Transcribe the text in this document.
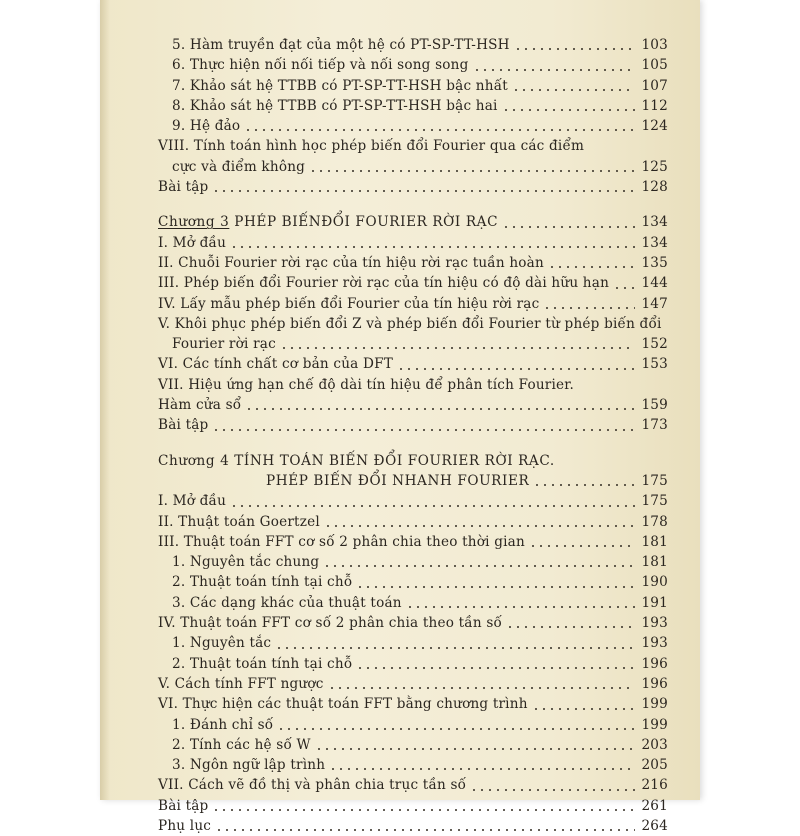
5. Hàm truyền đạt của một hệ có PT-SP-TT-HSH	103
6. Thực hiện nối nối tiếp và nối song song	105
7. Khảo sát hệ TTBB có PT-SP-TT-HSH bậc nhất	107
8. Khảo sát hệ TTBB có PT-SP-TT-HSH bậc hai	112
9. Hệ đảo	124
VIII. Tính toán hình học phép biến đổi Fourier qua các điểm
cực và điểm không	125
Bài tập	128
Chương 3 PHÉP BIẾNĐỔI FOURIER RỜI RẠC	134
I. Mở đầu	134
II. Chuỗi Fourier rời rạc của tín hiệu rời rạc tuần hoàn	135
III. Phép biến đổi Fourier rời rạc của tín hiệu có độ dài hữu hạn 144
IV. Lấy mẫu phép biến đổi Fourier của tín hiệu rời rạc	147
V. Khôi phục phép biến đổi Z và phép biến đổi Fourier từ phép biến đổi
Fourier rời rạc	152
VI. Các tính chất cơ bản của DFT	153
VII. Hiệu ứng hạn chế độ dài tín hiệu để phân tích Fourier.
Hàm cửa sổ	159
Bài tập	173
Chương 4 TÍNH TOÁN BIẾN ĐỔI FOURIER RỜI RẠC.
PHÉP BIẾN ĐỔI NHANH FOURIER	175
I. Mở đầu	175
II. Thuật toán Goertzel	178
III. Thuật toán FFT cơ số 2 phân chia theo thời gian	181
1. Nguyên tắc chung	181
2. Thuật toán tính tại chỗ	190
3. Các dạng khác của thuật toán	191
IV. Thuật toán FFT cơ số 2 phân chia theo tần số	193
1. Nguyên tắc	193
2. Thuật toán tính tại chỗ	196
V. Cách tính FFT ngược	196
VI. Thực hiện các thuật toán FFT bằng chương trình	199
1. Đánh chỉ số	199
2. Tính các hệ số W	203
3. Ngôn ngữ lập trình	205
VII. Cách vẽ đồ thị và phân chia trục tần số	216
Bài tập	261
Phụ lục	264
